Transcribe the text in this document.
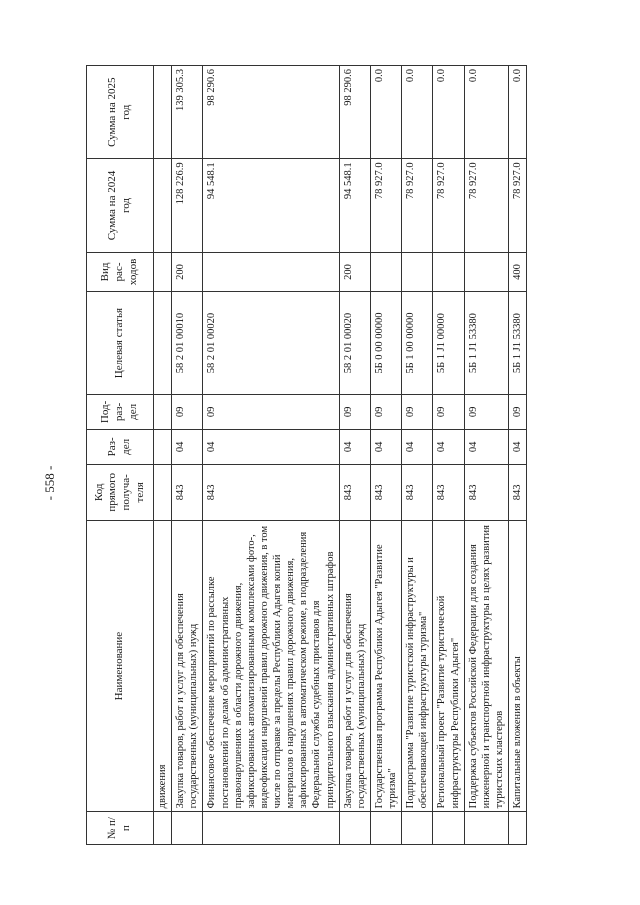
- 558 -
№ п/п	Наименование	Код прямого получа-теля	Раз-дел	Под-раз-дел	Целевая статья	Вид рас-ходов	Сумма на 2024 год	Сумма на 2025 год
	движения							
	Закупка товаров, работ и услуг для обеспечения государственных (муниципальных) нужд	843	04	09	58 2 01 00010	200	128 226.9	139 305.3
	Финансовое обеспечение мероприятий по рассылке постановлений по делам об административных правонарушениях в области дорожного движения, зафиксированных автоматизированными комплексами фото-, видеофиксации нарушений правил дорожного движения, в том числе по отправке за пределы Республики Адыгея копий материалов о нарушениях правил дорожного движения, зафиксированных в автоматическом режиме, в подразделения Федеральной службы судебных приставов для принудительного взыскания административных штрафов	843	04	09	58 2 01 00020		94 548.1	98 290.6
	Закупка товаров, работ и услуг для обеспечения государственных (муниципальных) нужд	843	04	09	58 2 01 00020	200	94 548.1	98 290.6
	Государственная программа Республики Адыгея "Развитие туризма"	843	04	09	5Б 0 00 00000		78 927.0	0.0
	Подпрограмма "Развитие туристской инфраструктуры и обеспечивающей инфраструктуры туризма"	843	04	09	5Б 1 00 00000		78 927.0	0.0
	Региональный проект "Развитие туристической инфраструктуры Республики Адыгея"	843	04	09	5Б 1 J1 00000		78 927.0	0.0
	Поддержка субъектов Российской Федерации для создания инженерной и транспортной инфраструктуры в целях развития туристских кластеров	843	04	09	5Б 1 J1 53380		78 927.0	0.0
	Капитальные вложения в объекты	843	04	09	5Б 1 J1 53380	400	78 927.0	0.0
